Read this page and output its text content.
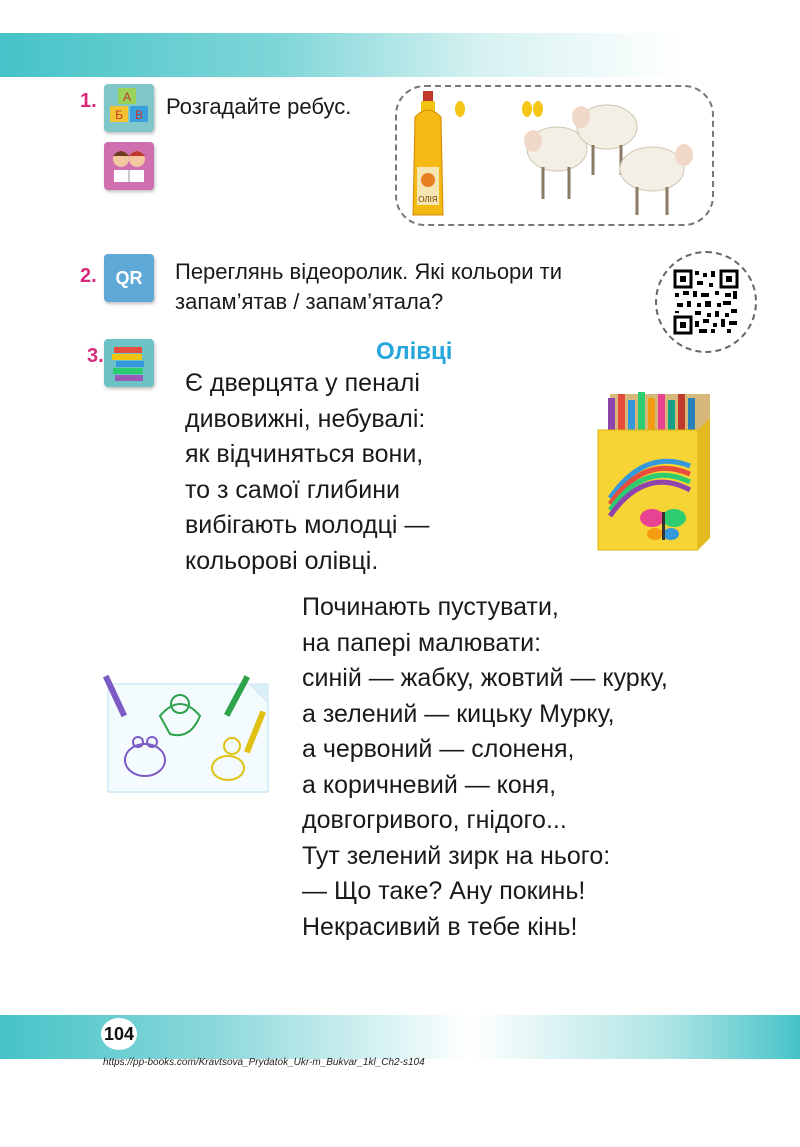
1. А
Б В Розгадайте ребус.
ОЛІЯ
2.	QR	Переглянь відеоролик. Які кольори ти
запам’ятав / запам’ятала?
3.	Олівці
Є дверцята у пеналі
дивовижні, небувалі:
як відчиняться вони,
то з самої глибини
вибігають молодці —
кольорові олівці.
Починають пустувати,
на папері малювати:
синій — жабку, жовтий — курку,
а зелений — кицьку Мурку,
а червоний — слоненя,
а коричневий — коня,
довгогривого, гнідого...
Тут зелений зирк на нього:
— Що таке? Ану покинь!
Некрасивий в тебе кінь!
104
https://pp-books.com/Kravtsova_Prydatok_Ukr-m_Bukvar_1kl_Ch2-s104
